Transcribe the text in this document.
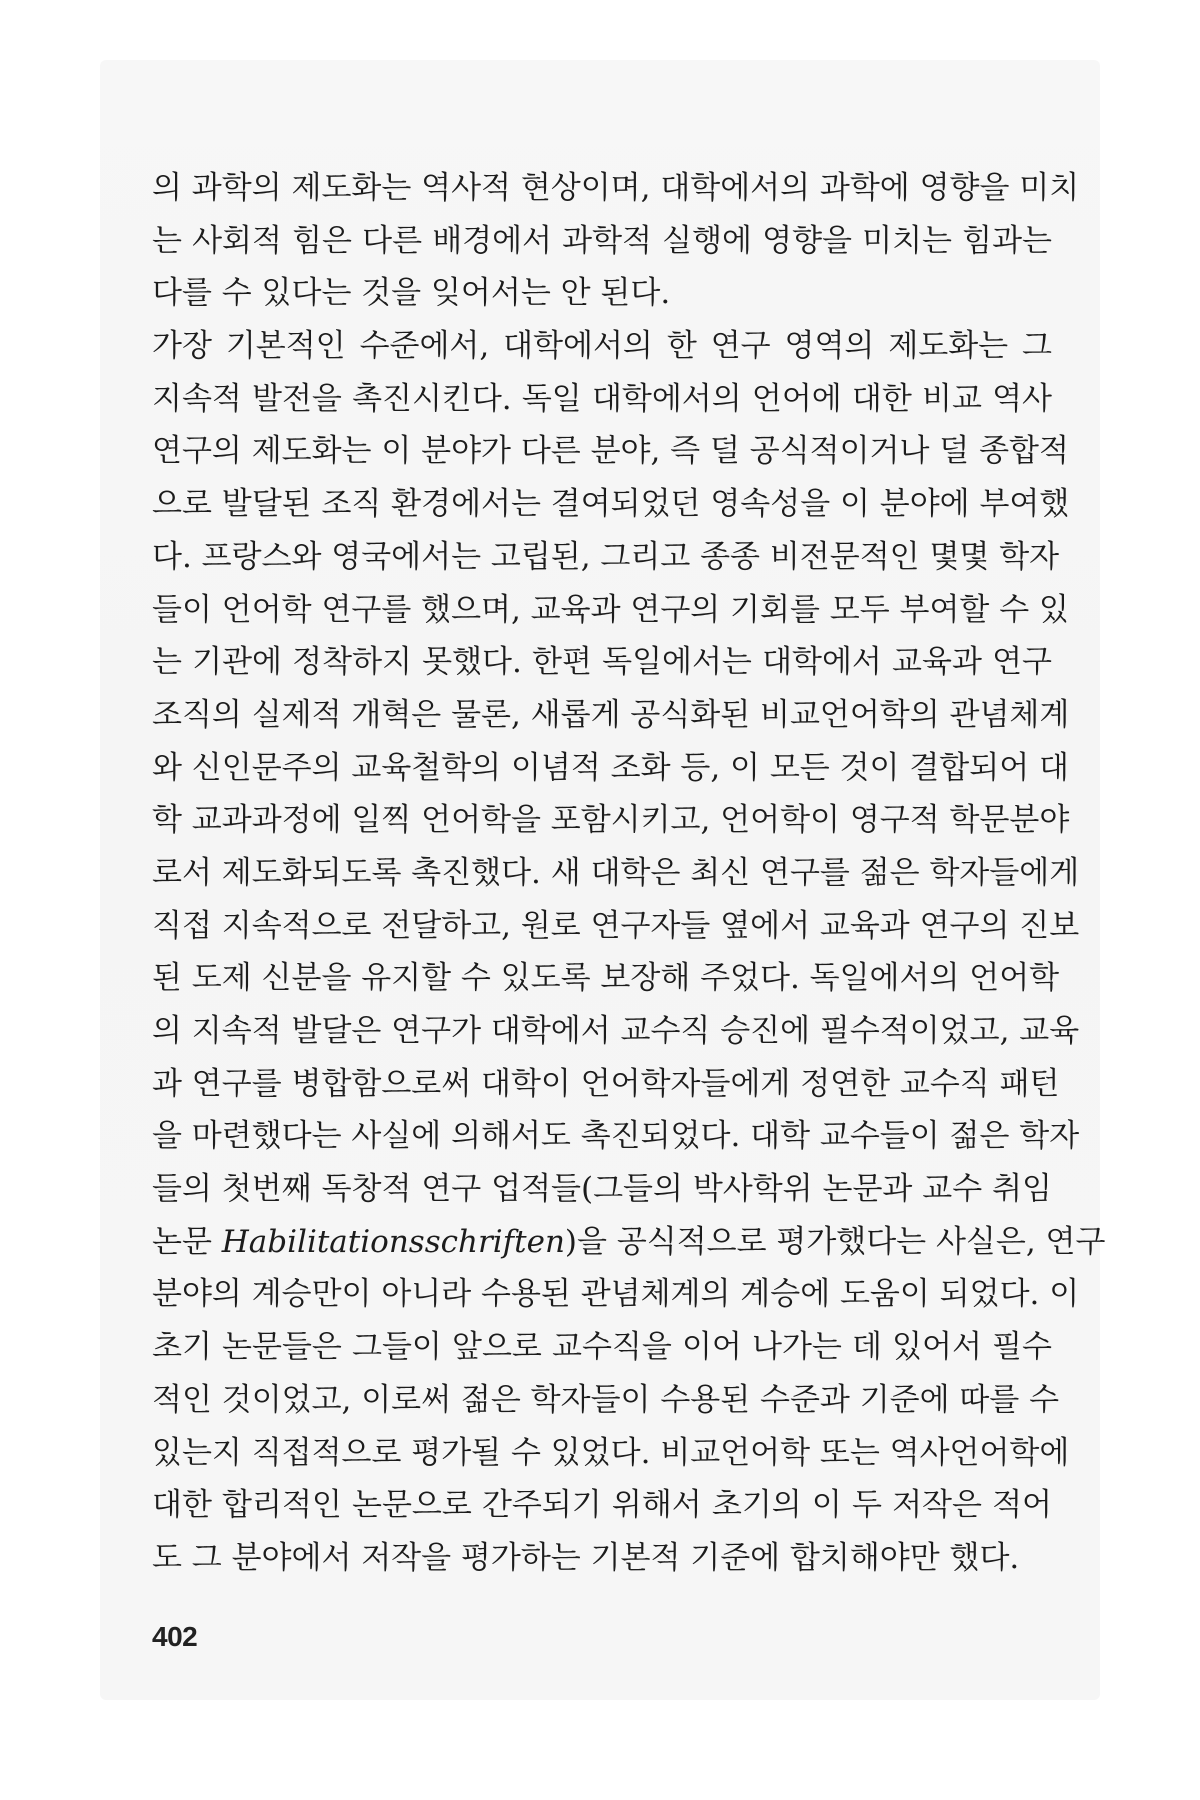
의 과학의 제도화는 역사적 현상이며, 대학에서의 과학에 영향을 미치
는 사회적 힘은 다른 배경에서 과학적 실행에 영향을 미치는 힘과는
다를 수 있다는 것을 잊어서는 안 된다.
가장 기본적인 수준에서, 대학에서의 한 연구 영역의 제도화는 그
지속적 발전을 촉진시킨다. 독일 대학에서의 언어에 대한 비교 역사
연구의 제도화는 이 분야가 다른 분야, 즉 덜 공식적이거나 덜 종합적
으로 발달된 조직 환경에서는 결여되었던 영속성을 이 분야에 부여했
다. 프랑스와 영국에서는 고립된, 그리고 종종 비전문적인 몇몇 학자
들이 언어학 연구를 했으며, 교육과 연구의 기회를 모두 부여할 수 있
는 기관에 정착하지 못했다. 한편 독일에서는 대학에서 교육과 연구
조직의 실제적 개혁은 물론, 새롭게 공식화된 비교언어학의 관념체계
와 신인문주의 교육철학의 이념적 조화 등, 이 모든 것이 결합되어 대
학 교과과정에 일찍 언어학을 포함시키고, 언어학이 영구적 학문분야
로서 제도화되도록 촉진했다. 새 대학은 최신 연구를 젊은 학자들에게
직접 지속적으로 전달하고, 원로 연구자들 옆에서 교육과 연구의 진보
된 도제 신분을 유지할 수 있도록 보장해 주었다. 독일에서의 언어학
의 지속적 발달은 연구가 대학에서 교수직 승진에 필수적이었고, 교육
과 연구를 병합함으로써 대학이 언어학자들에게 정연한 교수직 패턴
을 마련했다는 사실에 의해서도 촉진되었다. 대학 교수들이 젊은 학자
들의 첫번째 독창적 연구 업적들(그들의 박사학위 논문과 교수 취임
논문 Habilitationsschriften)을 공식적으로 평가했다는 사실은, 연구
분야의 계승만이 아니라 수용된 관념체계의 계승에 도움이 되었다. 이
초기 논문들은 그들이 앞으로 교수직을 이어 나가는 데 있어서 필수
적인 것이었고, 이로써 젊은 학자들이 수용된 수준과 기준에 따를 수
있는지 직접적으로 평가될 수 있었다. 비교언어학 또는 역사언어학에
대한 합리적인 논문으로 간주되기 위해서 초기의 이 두 저작은 적어
도 그 분야에서 저작을 평가하는 기본적 기준에 합치해야만 했다.
402
